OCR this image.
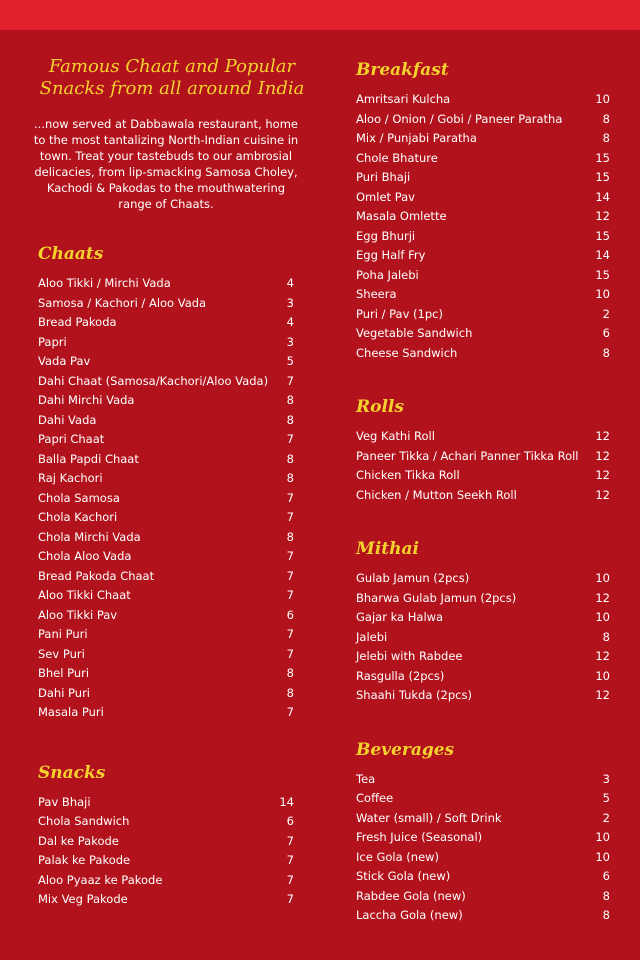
Famous Chaat and Popular Snacks from all around India
...now served at Dabbawala restaurant, home to the most tantalizing North-Indian cuisine in town. Treat your tastebuds to our ambrosial delicacies, from lip-smacking Samosa Choley, Kachodi & Pakodas to the mouthwatering range of Chaats.
Chaats
Aloo Tikki / Mirchi Vada	4
Samosa / Kachori / Aloo Vada	3
Bread Pakoda	4
Papri	3
Vada Pav	5
Dahi Chaat (Samosa/Kachori/Aloo Vada) 7
Dahi Mirchi Vada	8
Dahi Vada	8
Papri Chaat	7
Balla Papdi Chaat	8
Raj Kachori	8
Chola Samosa	7
Chola Kachori	7
Chola Mirchi Vada	8
Chola Aloo Vada	7
Bread Pakoda Chaat	7
Aloo Tikki Chaat	7
Aloo Tikki Pav	6
Pani Puri	7
Sev Puri	7
Bhel Puri	8
Dahi Puri	8
Masala Puri	7
Snacks
Pav Bhaji	14
Chola Sandwich	6
Dal ke Pakode	7
Palak ke Pakode	7
Aloo Pyaaz ke Pakode	7
Mix Veg Pakode	7
Breakfast
Amritsari Kulcha	10
Aloo / Onion / Gobi / Paneer Paratha	8
Mix / Punjabi Paratha	8
Chole Bhature	15
Puri Bhaji	15
Omlet Pav	14
Masala Omlette	12
Egg Bhurji	15
Egg Half Fry	14
Poha Jalebi	15
Sheera	10
Puri / Pav (1pc)	2
Vegetable Sandwich	6
Cheese Sandwich	8
Rolls
Veg Kathi Roll	12
Paneer Tikka / Achari Panner Tikka Roll 12
Chicken Tikka Roll	12
Chicken / Mutton Seekh Roll	12
Mithai
Gulab Jamun (2pcs)	10
Bharwa Gulab Jamun (2pcs)	12
Gajar ka Halwa	10
Jalebi	8
Jelebi with Rabdee	12
Rasgulla (2pcs)	10
Shaahi Tukda (2pcs)	12
Beverages
Tea	3
Coffee	5
Water (small) / Soft Drink	2
Fresh Juice (Seasonal)	10
Ice Gola (new)	10
Stick Gola (new)	6
Rabdee Gola (new)	8
Laccha Gola (new)	8
